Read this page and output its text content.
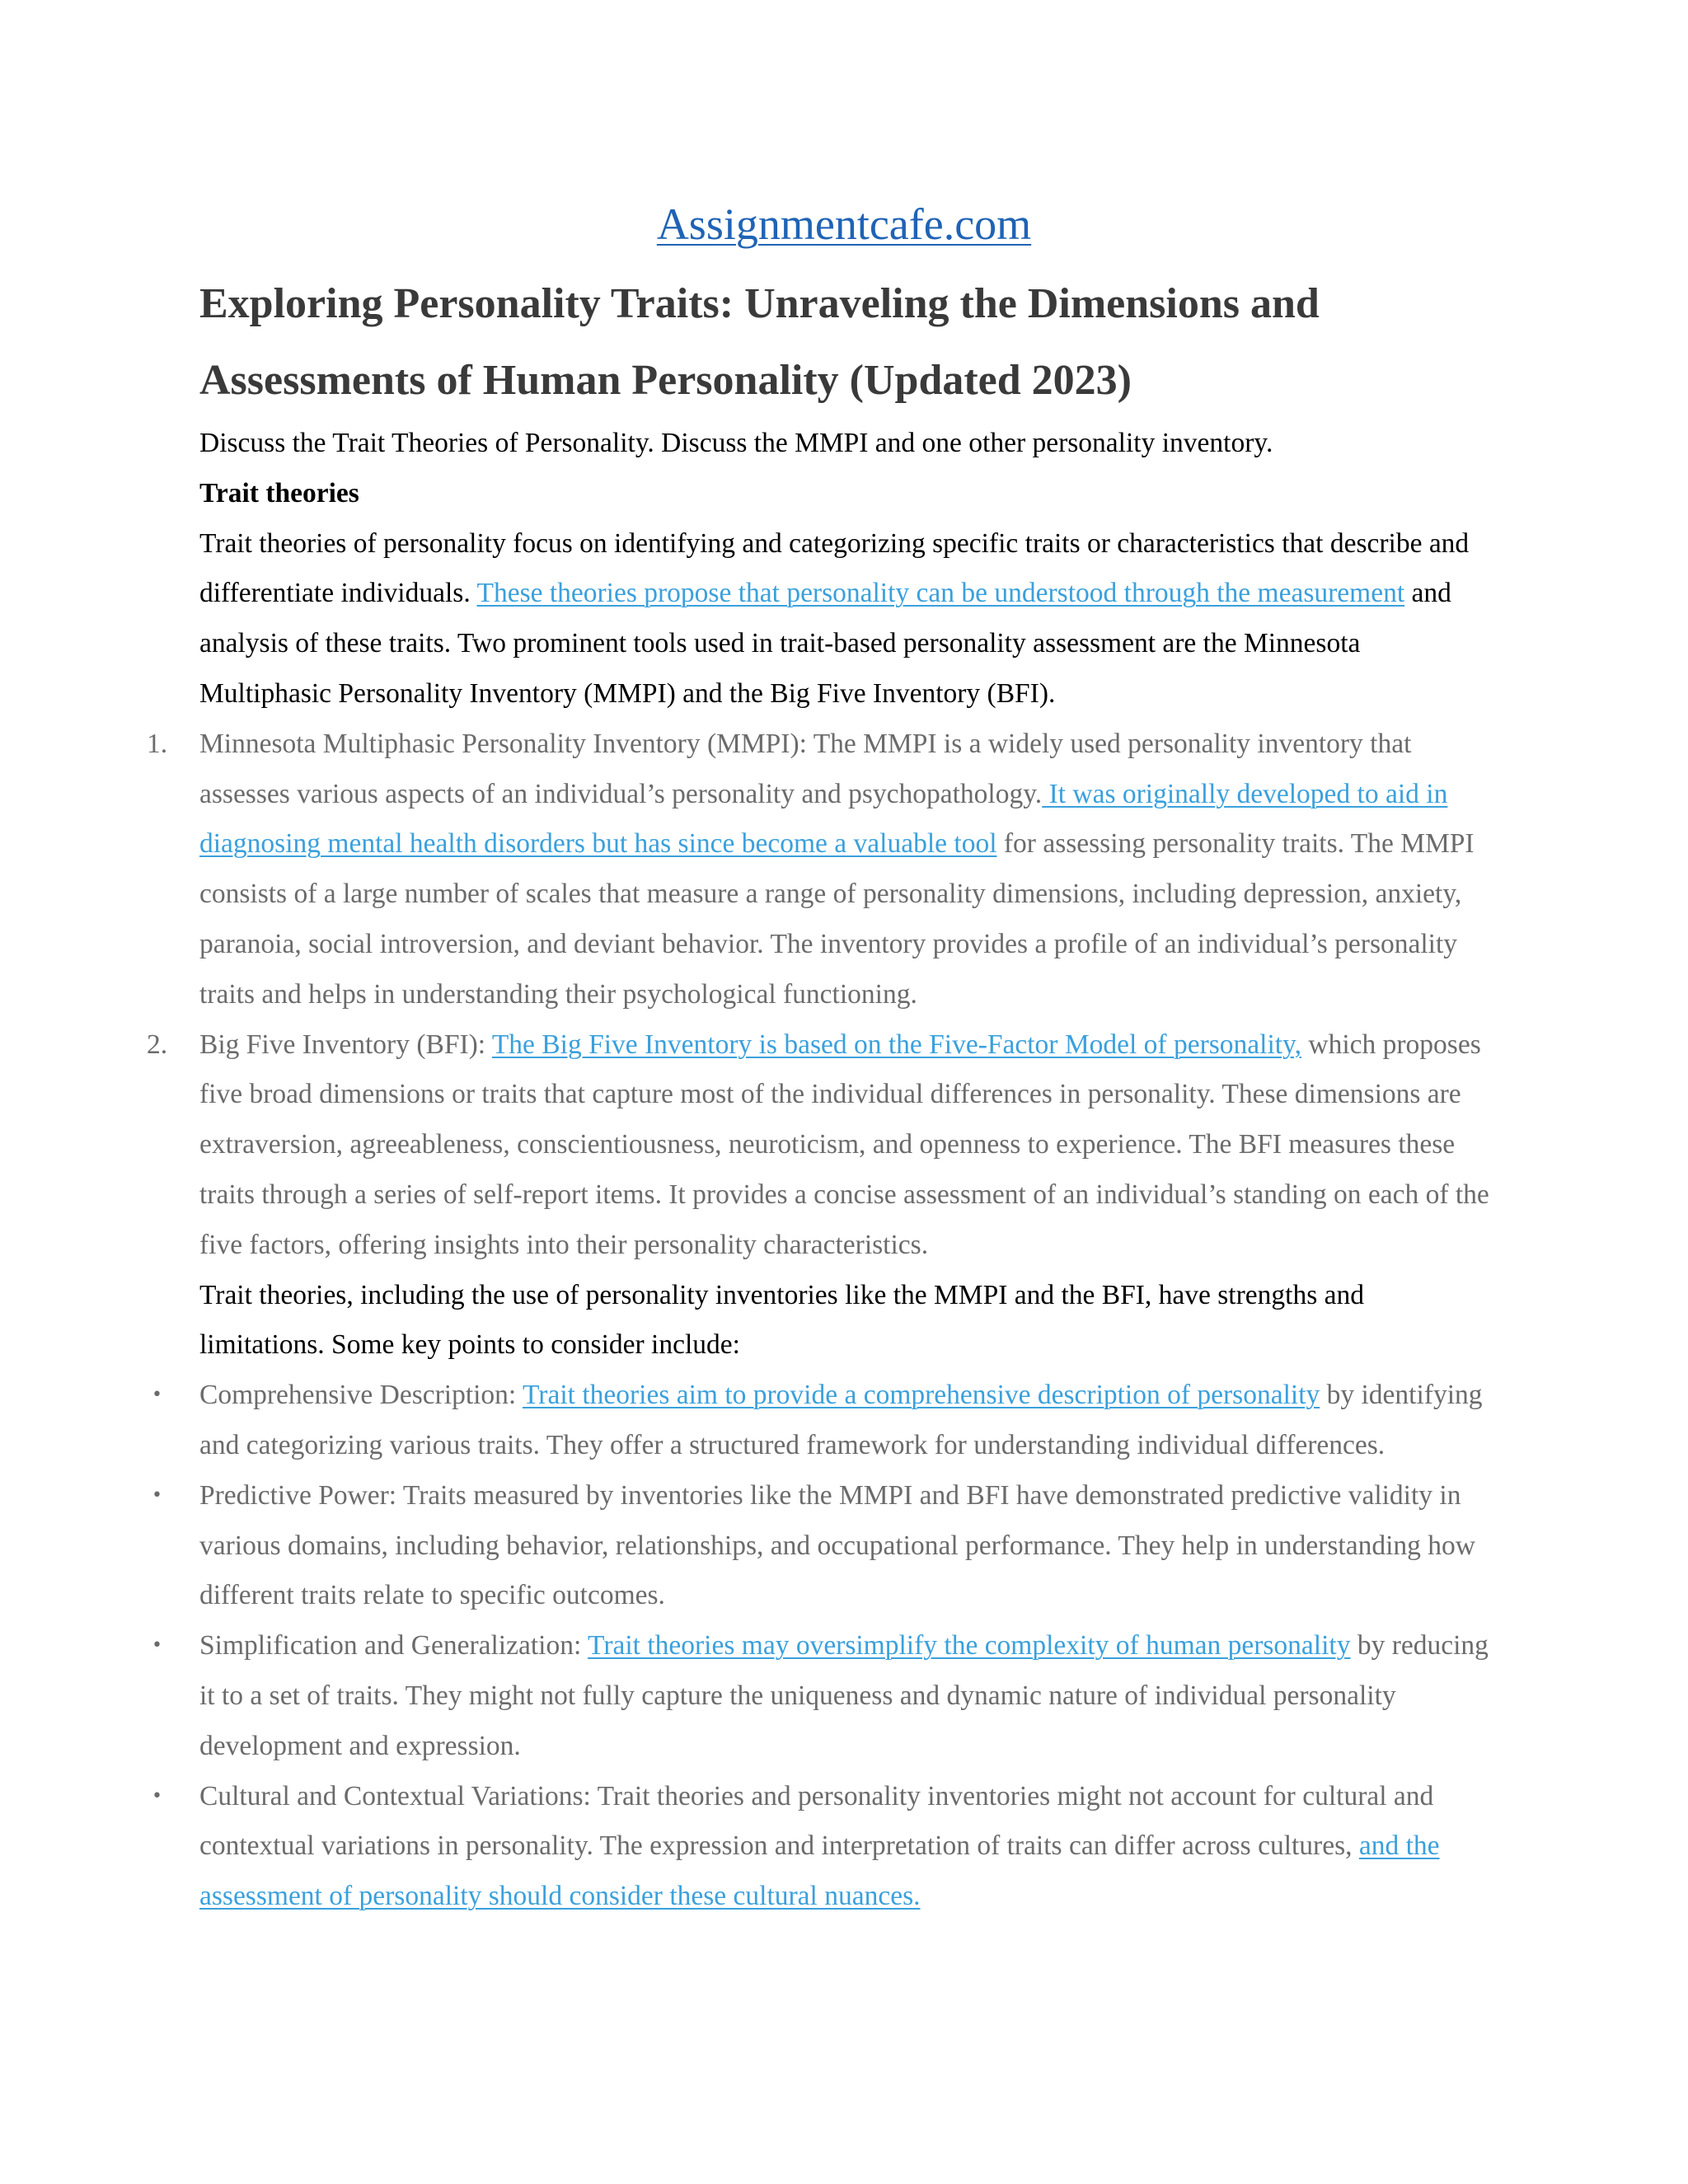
Assignmentcafe.com
Exploring Personality Traits: Unraveling the Dimensions and Assessments of Human Personality (Updated 2023)

Discuss the Trait Theories of Personality. Discuss the MMPI and one other personality inventory.

Trait theories

Trait theories of personality focus on identifying and categorizing specific traits or characteristics that describe and differentiate individuals. These theories propose that personality can be understood through the measurement and analysis of these traits. Two prominent tools used in trait-based personality assessment are the Minnesota Multiphasic Personality Inventory (MMPI) and the Big Five Inventory (BFI).

1. Minnesota Multiphasic Personality Inventory (MMPI): The MMPI is a widely used personality inventory that assesses various aspects of an individual’s personality and psychopathology. It was originally developed to aid in diagnosing mental health disorders but has since become a valuable tool for assessing personality traits. The MMPI consists of a large number of scales that measure a range of personality dimensions, including depression, anxiety, paranoia, social introversion, and deviant behavior. The inventory provides a profile of an individual’s personality traits and helps in understanding their psychological functioning.
2. Big Five Inventory (BFI): The Big Five Inventory is based on the Five-Factor Model of personality, which proposes five broad dimensions or traits that capture most of the individual differences in personality. These dimensions are extraversion, agreeableness, conscientiousness, neuroticism, and openness to experience. The BFI measures these traits through a series of self-report items. It provides a concise assessment of an individual’s standing on each of the five factors, offering insights into their personality characteristics.

Trait theories, including the use of personality inventories like the MMPI and the BFI, have strengths and limitations. Some key points to consider include:

• Comprehensive Description: Trait theories aim to provide a comprehensive description of personality by identifying and categorizing various traits. They offer a structured framework for understanding individual differences.
• Predictive Power: Traits measured by inventories like the MMPI and BFI have demonstrated predictive validity in various domains, including behavior, relationships, and occupational performance. They help in understanding how different traits relate to specific outcomes.
• Simplification and Generalization: Trait theories may oversimplify the complexity of human personality by reducing it to a set of traits. They might not fully capture the uniqueness and dynamic nature of individual personality development and expression.
• Cultural and Contextual Variations: Trait theories and personality inventories might not account for cultural and contextual variations in personality. The expression and interpretation of traits can differ across cultures, and the assessment of personality should consider these cultural nuances.
